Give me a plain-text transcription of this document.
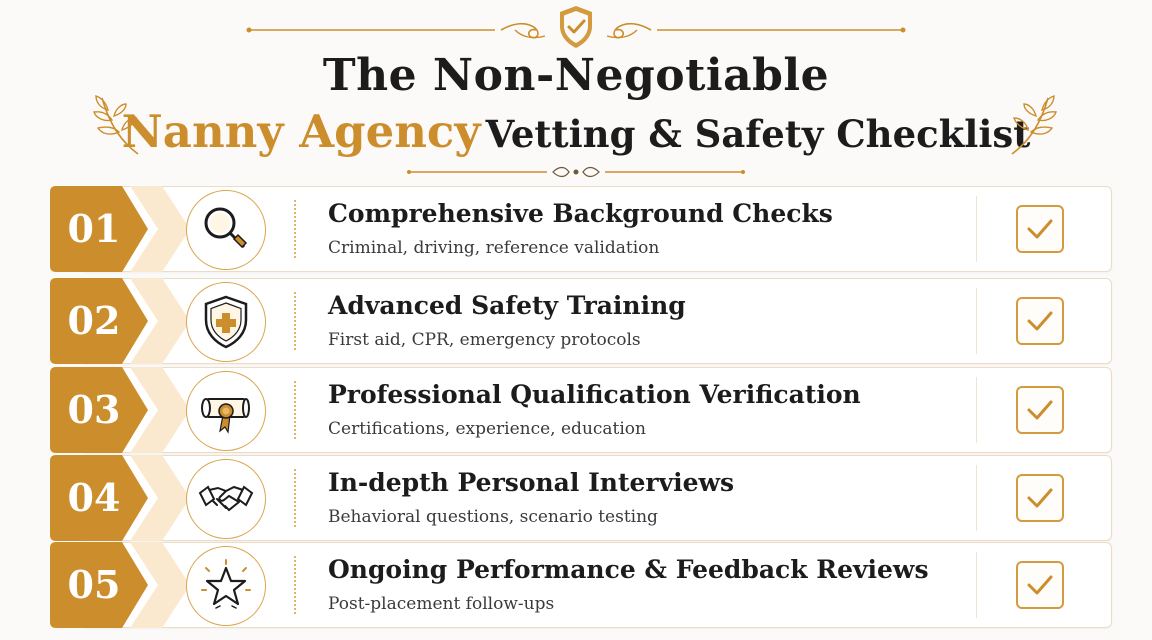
The Non-Negotiable
Nanny Agency Vetting & Safety Checklist
01	Comprehensive Background Checks
Criminal, driving, reference validation
02	Advanced Safety Training
First aid, CPR, emergency protocols
03	Professional Qualification Verification
Certifications, experience, education
04	In-depth Personal Interviews
Behavioral questions, scenario testing
05	Ongoing Performance & Feedback Reviews
Post-placement follow-ups
